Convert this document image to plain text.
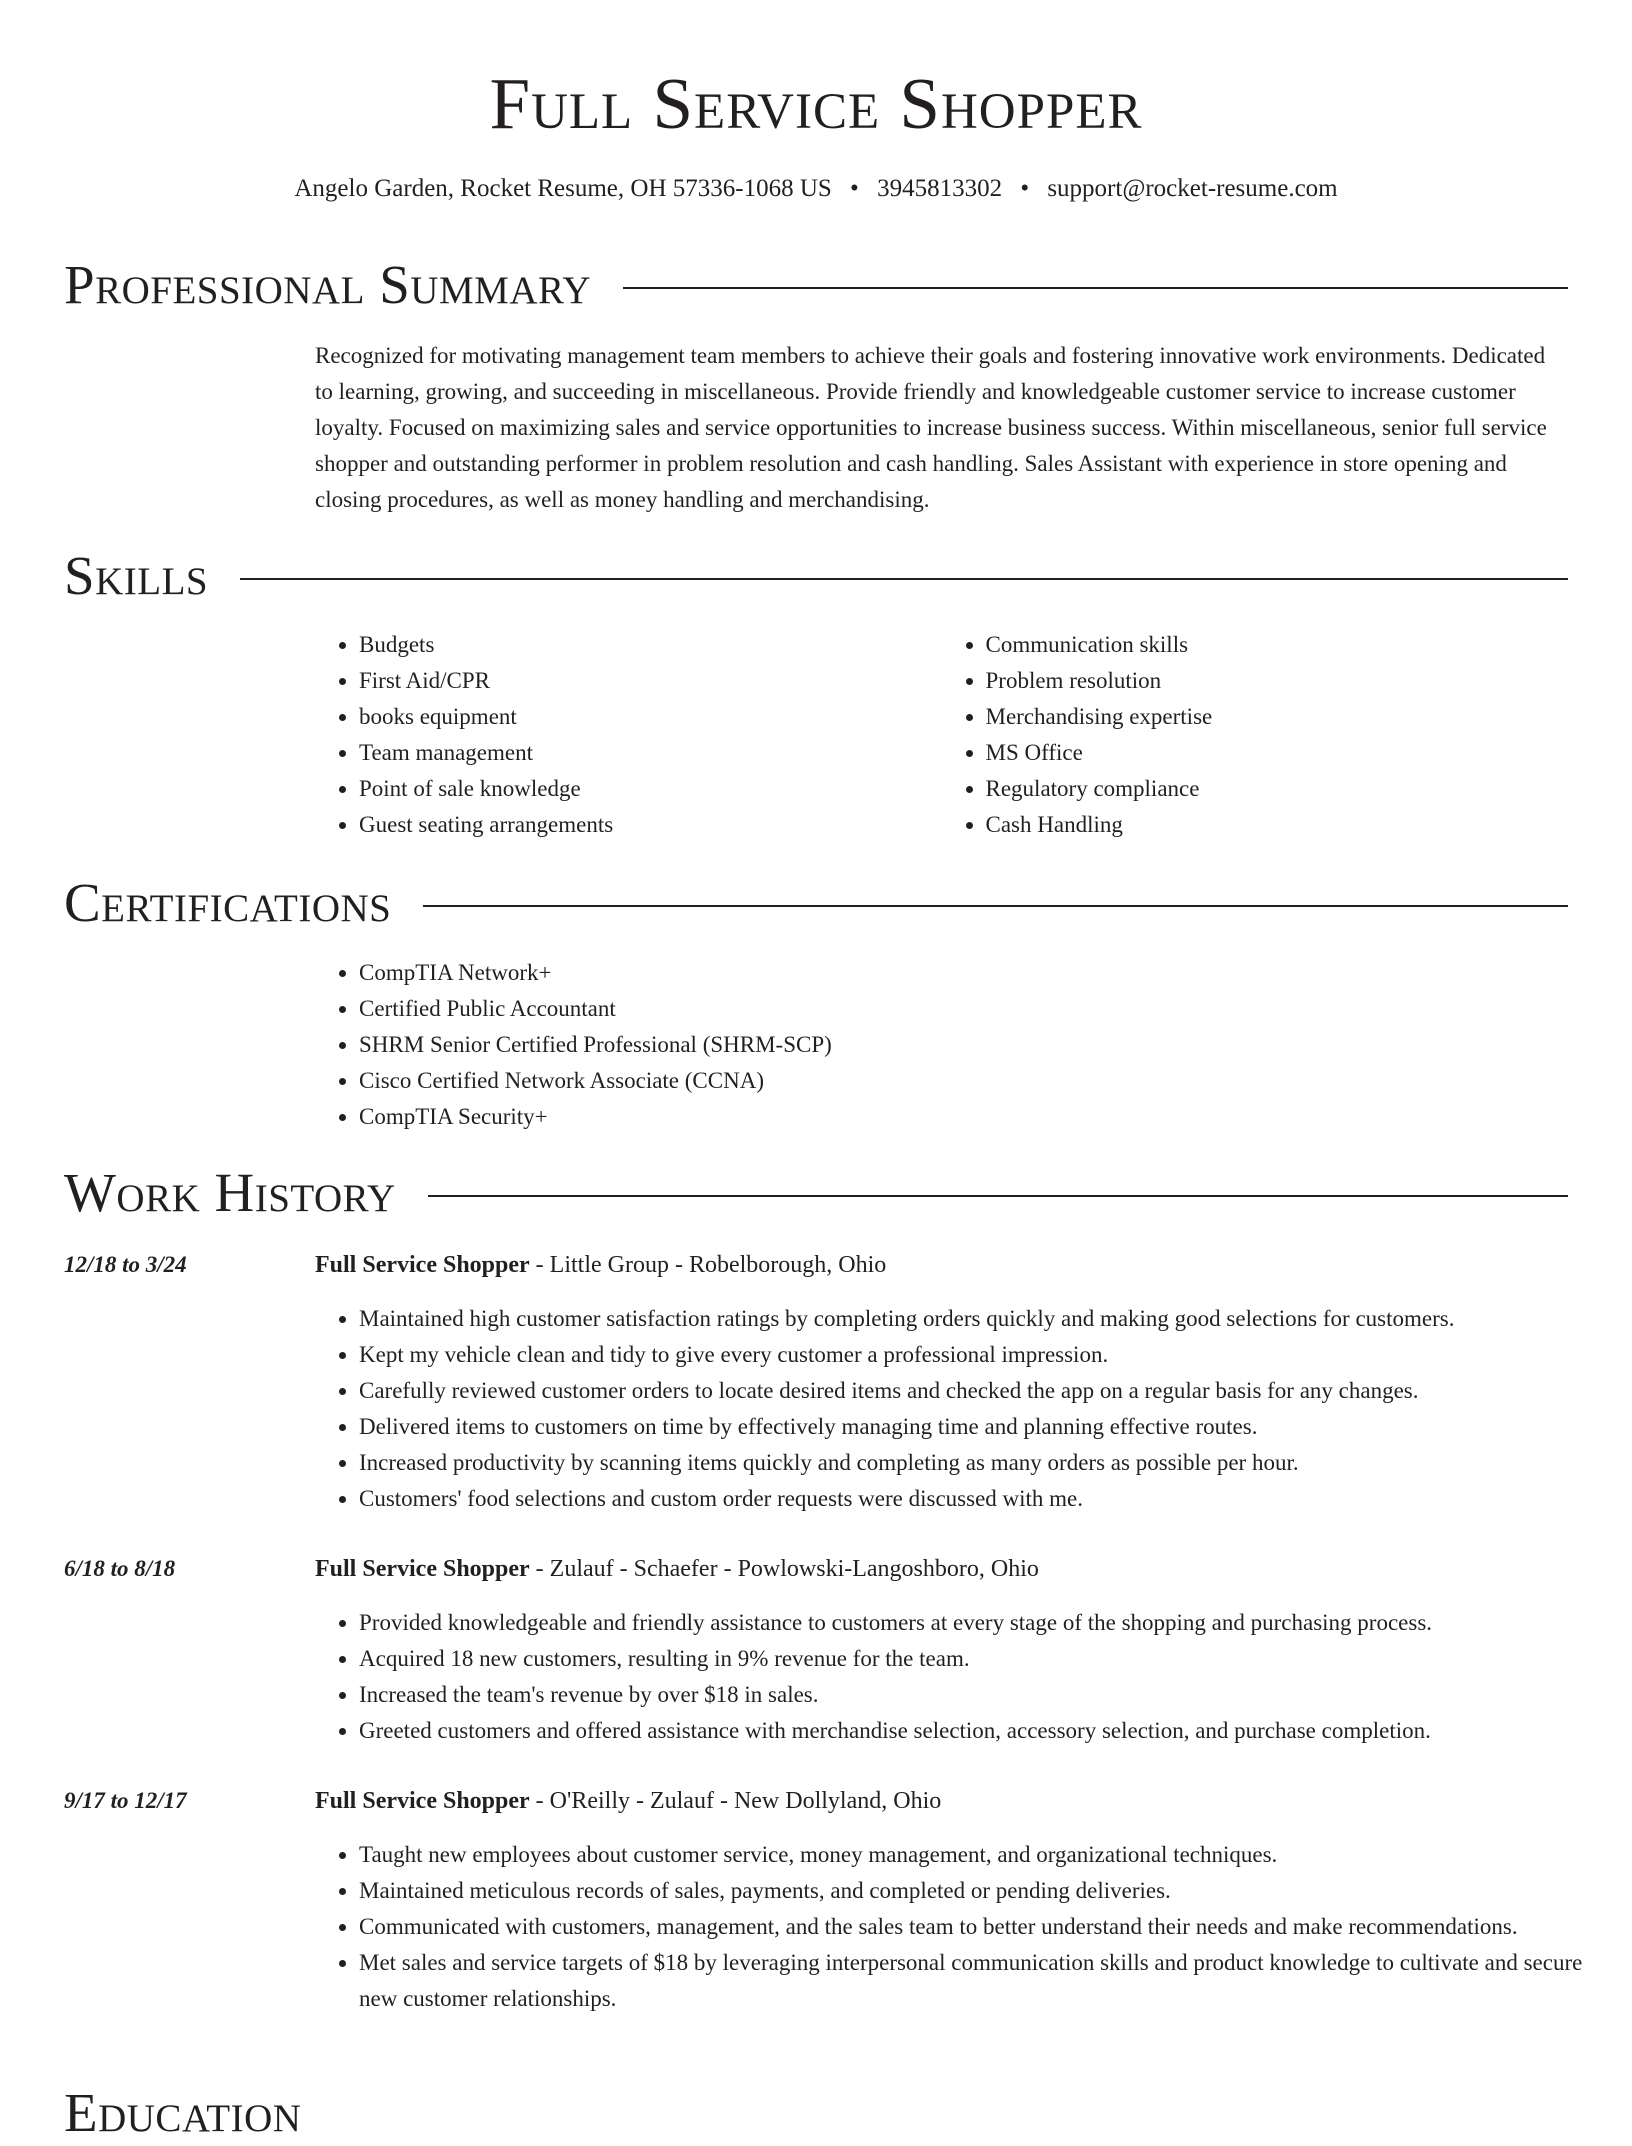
Full Service Shopper
Angelo Garden, Rocket Resume, OH 57336-1068 US • 3945813302 • support@rocket-resume.com
Professional Summary

Recognized for motivating management team members to achieve their goals and fostering innovative work environments. Dedicated to learning, growing, and succeeding in miscellaneous. Provide friendly and knowledgeable customer service to increase customer loyalty. Focused on maximizing sales and service opportunities to increase business success. Within miscellaneous, senior full service shopper and outstanding performer in problem resolution and cash handling. Sales Assistant with experience in store opening and closing procedures, as well as money handling and merchandising.

Skills
• Budgets
• First Aid/CPR
• books equipment
• Team management
• Point of sale knowledge
• Guest seating arrangements
• Communication skills
• Problem resolution
• Merchandising expertise
• MS Office
• Regulatory compliance
• Cash Handling
Certifications
• CompTIA Network+
• Certified Public Accountant
• SHRM Senior Certified Professional (SHRM-SCP)
• Cisco Certified Network Associate (CCNA)
• CompTIA Security+
Work History
12/18 to 3/24	Full Service Shopper - Little Group - Robelborough, Ohio
• Maintained high customer satisfaction ratings by completing orders quickly and making good selections for customers.
• Kept my vehicle clean and tidy to give every customer a professional impression.
• Carefully reviewed customer orders to locate desired items and checked the app on a regular basis for any changes.
• Delivered items to customers on time by effectively managing time and planning effective routes.
• Increased productivity by scanning items quickly and completing as many orders as possible per hour.
• Customers' food selections and custom order requests were discussed with me.
6/18 to 8/18	Full Service Shopper - Zulauf - Schaefer - Powlowski-Langoshboro, Ohio
• Provided knowledgeable and friendly assistance to customers at every stage of the shopping and purchasing process.
• Acquired 18 new customers, resulting in 9% revenue for the team.
• Increased the team's revenue by over $18 in sales.
• Greeted customers and offered assistance with merchandise selection, accessory selection, and purchase completion.
9/17 to 12/17	Full Service Shopper - O'Reilly - Zulauf - New Dollyland, Ohio
• Taught new employees about customer service, money management, and organizational techniques.
• Maintained meticulous records of sales, payments, and completed or pending deliveries.
• Communicated with customers, management, and the sales team to better understand their needs and make recommendations.
• Met sales and service targets of $18 by leveraging interpersonal communication skills and product knowledge to cultivate and secure new customer relationships.
Education
